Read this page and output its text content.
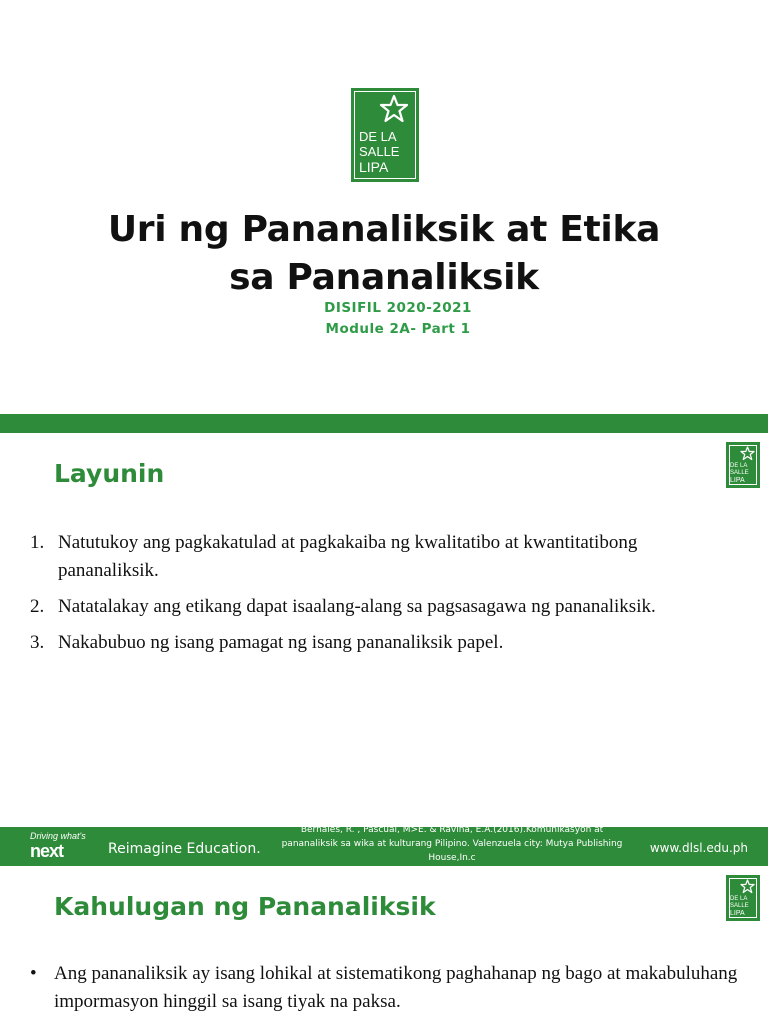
DE LA
SALLE
LIPA
Uri ng Pananaliksik at Etika
sa Pananaliksik
DISIFIL 2020-2021
Module 2A- Part 1
Layunin	DE LA
SALLE
LIPA
1. Natutukoy ang pagkakatulad at pagkakaiba ng kwalitatibo at kwantitatibong pananaliksik.
2. Natatalakay ang etikang dapat isaalang-alang sa pagsasagawa ng pananaliksik.
3. Nakabubuo ng isang pamagat ng isang pananaliksik papel.
Driving what's
next	Reimagine Education.
Bernales, R. , Pascual, M>E. & Ravina, E.A.(2016).Komunikasyon at pananaliksik sa wika at kulturang Pilipino. Valenzuela city: Mutya Publishing House,In.c
www.dlsl.edu.ph
Kahulugan ng Pananaliksik	DE LA
SALLE
LIPA
• Ang pananaliksik ay isang lohikal at sistematikong paghahanap ng bago at makabuluhang impormasyon hinggil sa isang tiyak na paksa.
